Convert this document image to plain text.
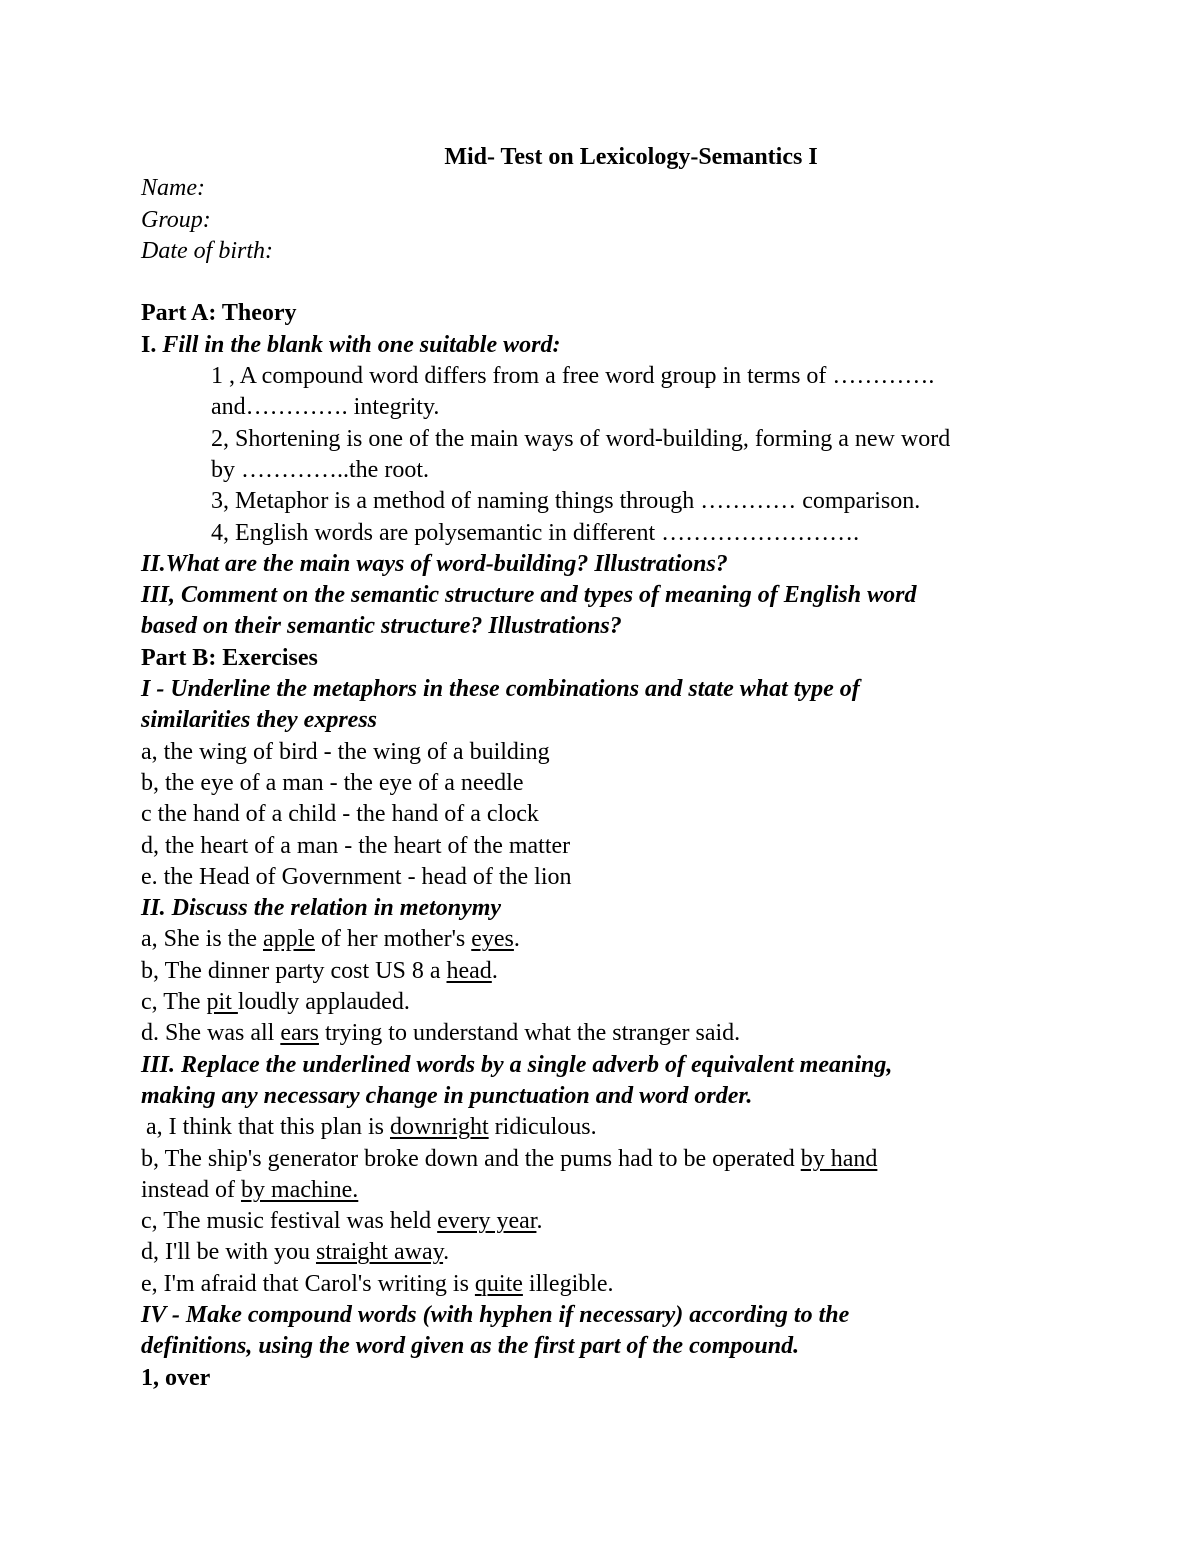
Mid- Test on Lexicology-Semantics I
Name:
Group:
Date of birth:
Part A: Theory
I. Fill in the blank with one suitable word:
1 , A compound word differs from a free word group in terms of ………….
and…………. integrity.
2, Shortening is one of the main ways of word-building, forming a new word
by …………..the root.
3, Metaphor is a method of naming things through ………… comparison.
4, English words are polysemantic in different …………………….
II.What are the main ways of word-building? Illustrations?
III, Comment on the semantic structure and types of meaning of English word
based on their semantic structure? Illustrations?
Part B: Exercises
I - Underline the metaphors in these combinations and state what type of
similarities they express
a, the wing of bird - the wing of a building
b, the eye of a man - the eye of a needle
c the hand of a child - the hand of a clock
d, the heart of a man - the heart of the matter
e. the Head of Government - head of the lion
II. Discuss the relation in metonymy
a, She is the apple of her mother's eyes.
b, The dinner party cost US 8 a head.
c, The pit loudly applauded.
d. She was all ears trying to understand what the stranger said.
III. Replace the underlined words by a single adverb of equivalent meaning,
making any necessary change in punctuation and word order.
a, I think that this plan is downright ridiculous.
b, The ship's generator broke down and the pums had to be operated by hand
instead of by machine.
c, The music festival was held every year.
d, I'll be with you straight away.
e, I'm afraid that Carol's writing is quite illegible.
IV - Make compound words (with hyphen if necessary) according to the
definitions, using the word given as the first part of the compound.
1, over
